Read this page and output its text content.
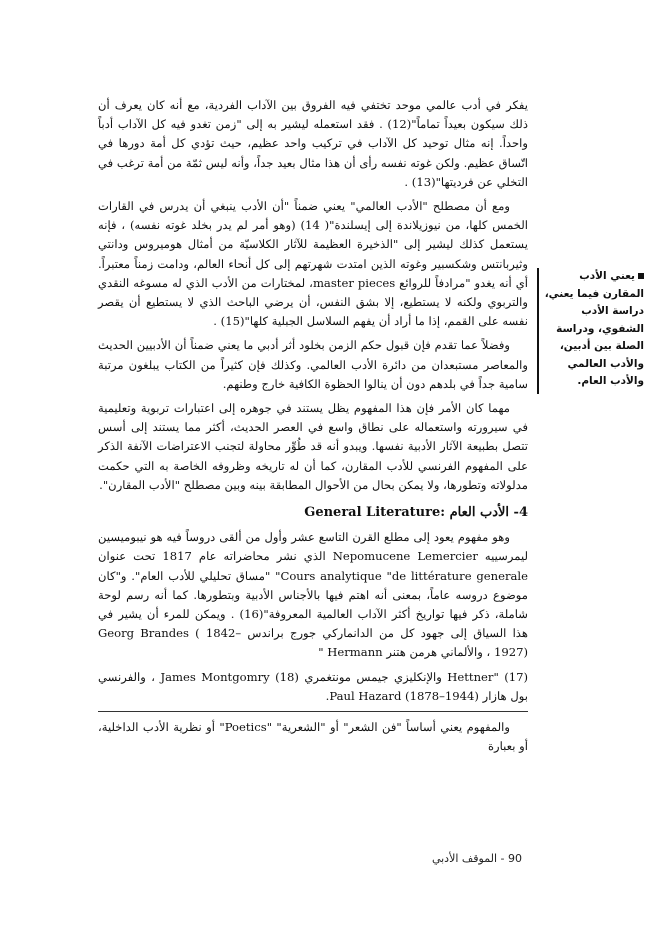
يعني الأدب المقارن فيما يعني، دراسة الأدب الشفوي، ودراسة الصلة بين أدبين، والأدب العالمي والأدب العام.

يفكر في أدب عالمي موحد تختفي فيه الفروق بين الآداب الفردية، مع أنه كان يعرف أن ذلك سيكون بعيداً تماماً"(12) . فقد استعمله ليشير به إلى "زمن تغدو فيه كل الآداب أدباً واحداً. إنه مثال توحيد كل الآداب في تركيب واحد عظيم، حيث تؤدي كل أمة دورها في اتّساق عظيم. ولكن غوته نفسه رأى أن هذا مثال بعيد جداً، وأنه ليس ثمّة من أمة ترغب في التخلي عن فرديتها"(13) .

ومع أن مصطلح "الأدب العالمي" يعني ضمناً "أن الأدب ينبغي أن يدرس في القارات الخمس كلها، من نيوزيلاندة إلى إيسلندة"( 14) (وهو أمر لم يدر بخلد غوته نفسه) ، فإنه يستعمل كذلك ليشير إلى "الذخيرة العظيمة للآثار الكلاسيّة من أمثال هوميروس ودانتي وثيربانتس وشكسبير وغوته الذين امتدت شهرتهم إلى كل أنحاء العالم، ودامت زمناً معتبراً. أي أنه يغدو "مرادفاً للروائع master pieces، لمختارات من الأدب الذي له مسوغه النقدي والتربوي ولكنه لا يستطيع، إلا بشق النفس، أن يرضي الباحث الذي لا يستطيع أن يقصر نفسه على القمم، إذا ما أراد أن يفهم السلاسل الجبلية كلها"(15) .

وفضلاً عما تقدم فإن قبول حكم الزمن بخلود أثر أدبي ما يعني ضمناً أن الأدبيين الحديث والمعاصر مستبعدان من دائرة الأدب العالمي. وكذلك فإن كثيراً من الكتاب يبلغون مرتبة سامية جداً في بلدهم دون أن ينالوا الحظوة الكافية خارج وطنهم.

مهما كان الأمر فإن هذا المفهوم يظل يستند في جوهره إلى اعتبارات تربوية وتعليمية في سيرورته واستعماله على نطاق واسع في العصر الحديث، أكثر مما يستند إلى أسس تتصل بطبيعة الآثار الأدبية نفسها. ويبدو أنه قد طُوِّر محاولة لتجنب الاعتراضات الآنفة الذكر على المفهوم الفرنسي للأدب المقارن، كما أن له تاريخه وظروفه الخاصة به التي حكمت مدلولاته وتطورها، ولا يمكن بحال من الأحوال المطابقة بينه وبين مصطلح "الأدب المقارن".

4- الأدب العام General Literature:

وهو مفهوم يعود إلى مطلع القرن التاسع عشر وأول من ألقى دروساً فيه هو نيبوميسين ليمرسييه Nepomucene Lemercier الذي نشر محاضراته عام 1817 تحت عنوان Cours analytique "de littérature generale" "مساق تحليلي للأدب العام". و"كان موضوع دروسه عاماً، بمعنى أنه اهتم فيها بالأجناس الأدبية وبتطورها. كما أنه رسم لوحة شاملة، ذكر فيها تواريخ أكثر الآداب العالمية المعروفة"(16) . ويمكن للمرء أن يشير في هذا السياق إلى جهود كل من الدانماركي جورج براندس Georg Brandes ( 1842– 1927) ، والألماني هرمن هتنر Hermann "

Hettner" (17) والإنكليزي جيمس مونتغمري James Montgomry (18) ، والفرنسي بول هازار Paul Hazard (1878–1944).

والمفهوم يعني أساساً "فن الشعر" أو "الشعرية" "Poetics" أو نظرية الأدب الداخلية، أو بعبارة

90 - الموقف الأدبي
